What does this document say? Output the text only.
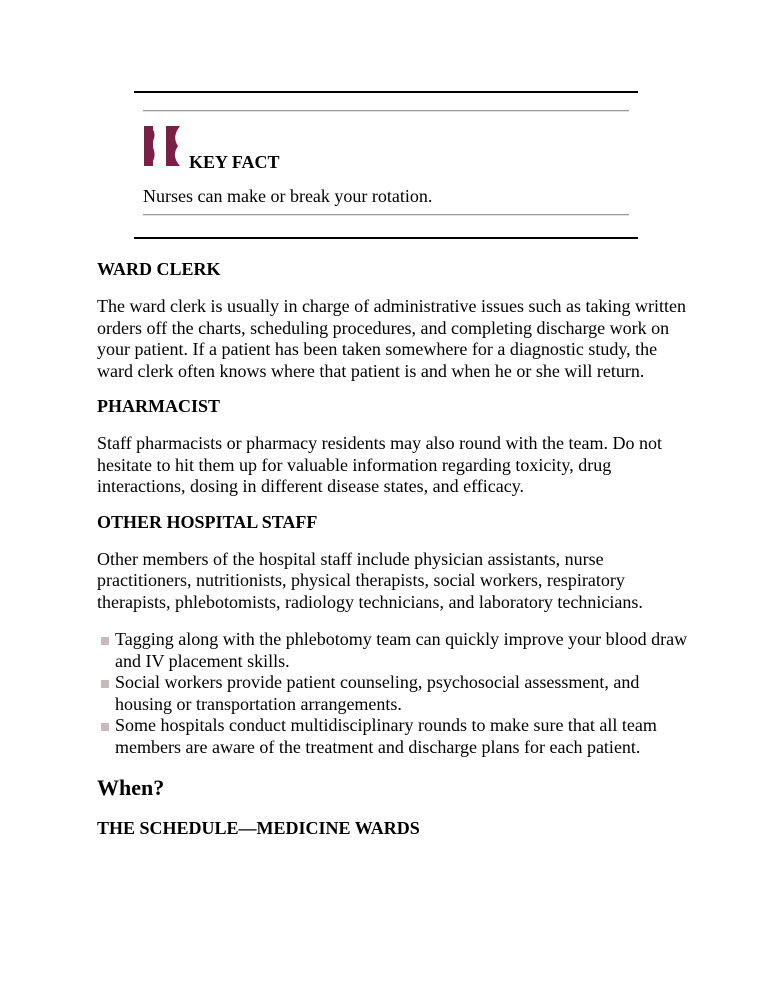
KEY FACT
Nurses can make or break your rotation.

WARD CLERK

The ward clerk is usually in charge of administrative issues such as taking written orders off the charts, scheduling procedures, and completing discharge work on your patient. If a patient has been taken somewhere for a diagnostic study, the ward clerk often knows where that patient is and when he or she will return.

PHARMACIST

Staff pharmacists or pharmacy residents may also round with the team. Do not hesitate to hit them up for valuable information regarding toxicity, drug interactions, dosing in different disease states, and efficacy.

OTHER HOSPITAL STAFF

Other members of the hospital staff include physician assistants, nurse practitioners, nutritionists, physical therapists, social workers, respiratory therapists, phlebotomists, radiology technicians, and laboratory technicians.

Tagging along with the phlebotomy team can quickly improve your blood draw and IV placement skills.
Social workers provide patient counseling, psychosocial assessment, and housing or transportation arrangements.
Some hospitals conduct multidisciplinary rounds to make sure that all team members are aware of the treatment and discharge plans for each patient.

When?

THE SCHEDULE—MEDICINE WARDS
